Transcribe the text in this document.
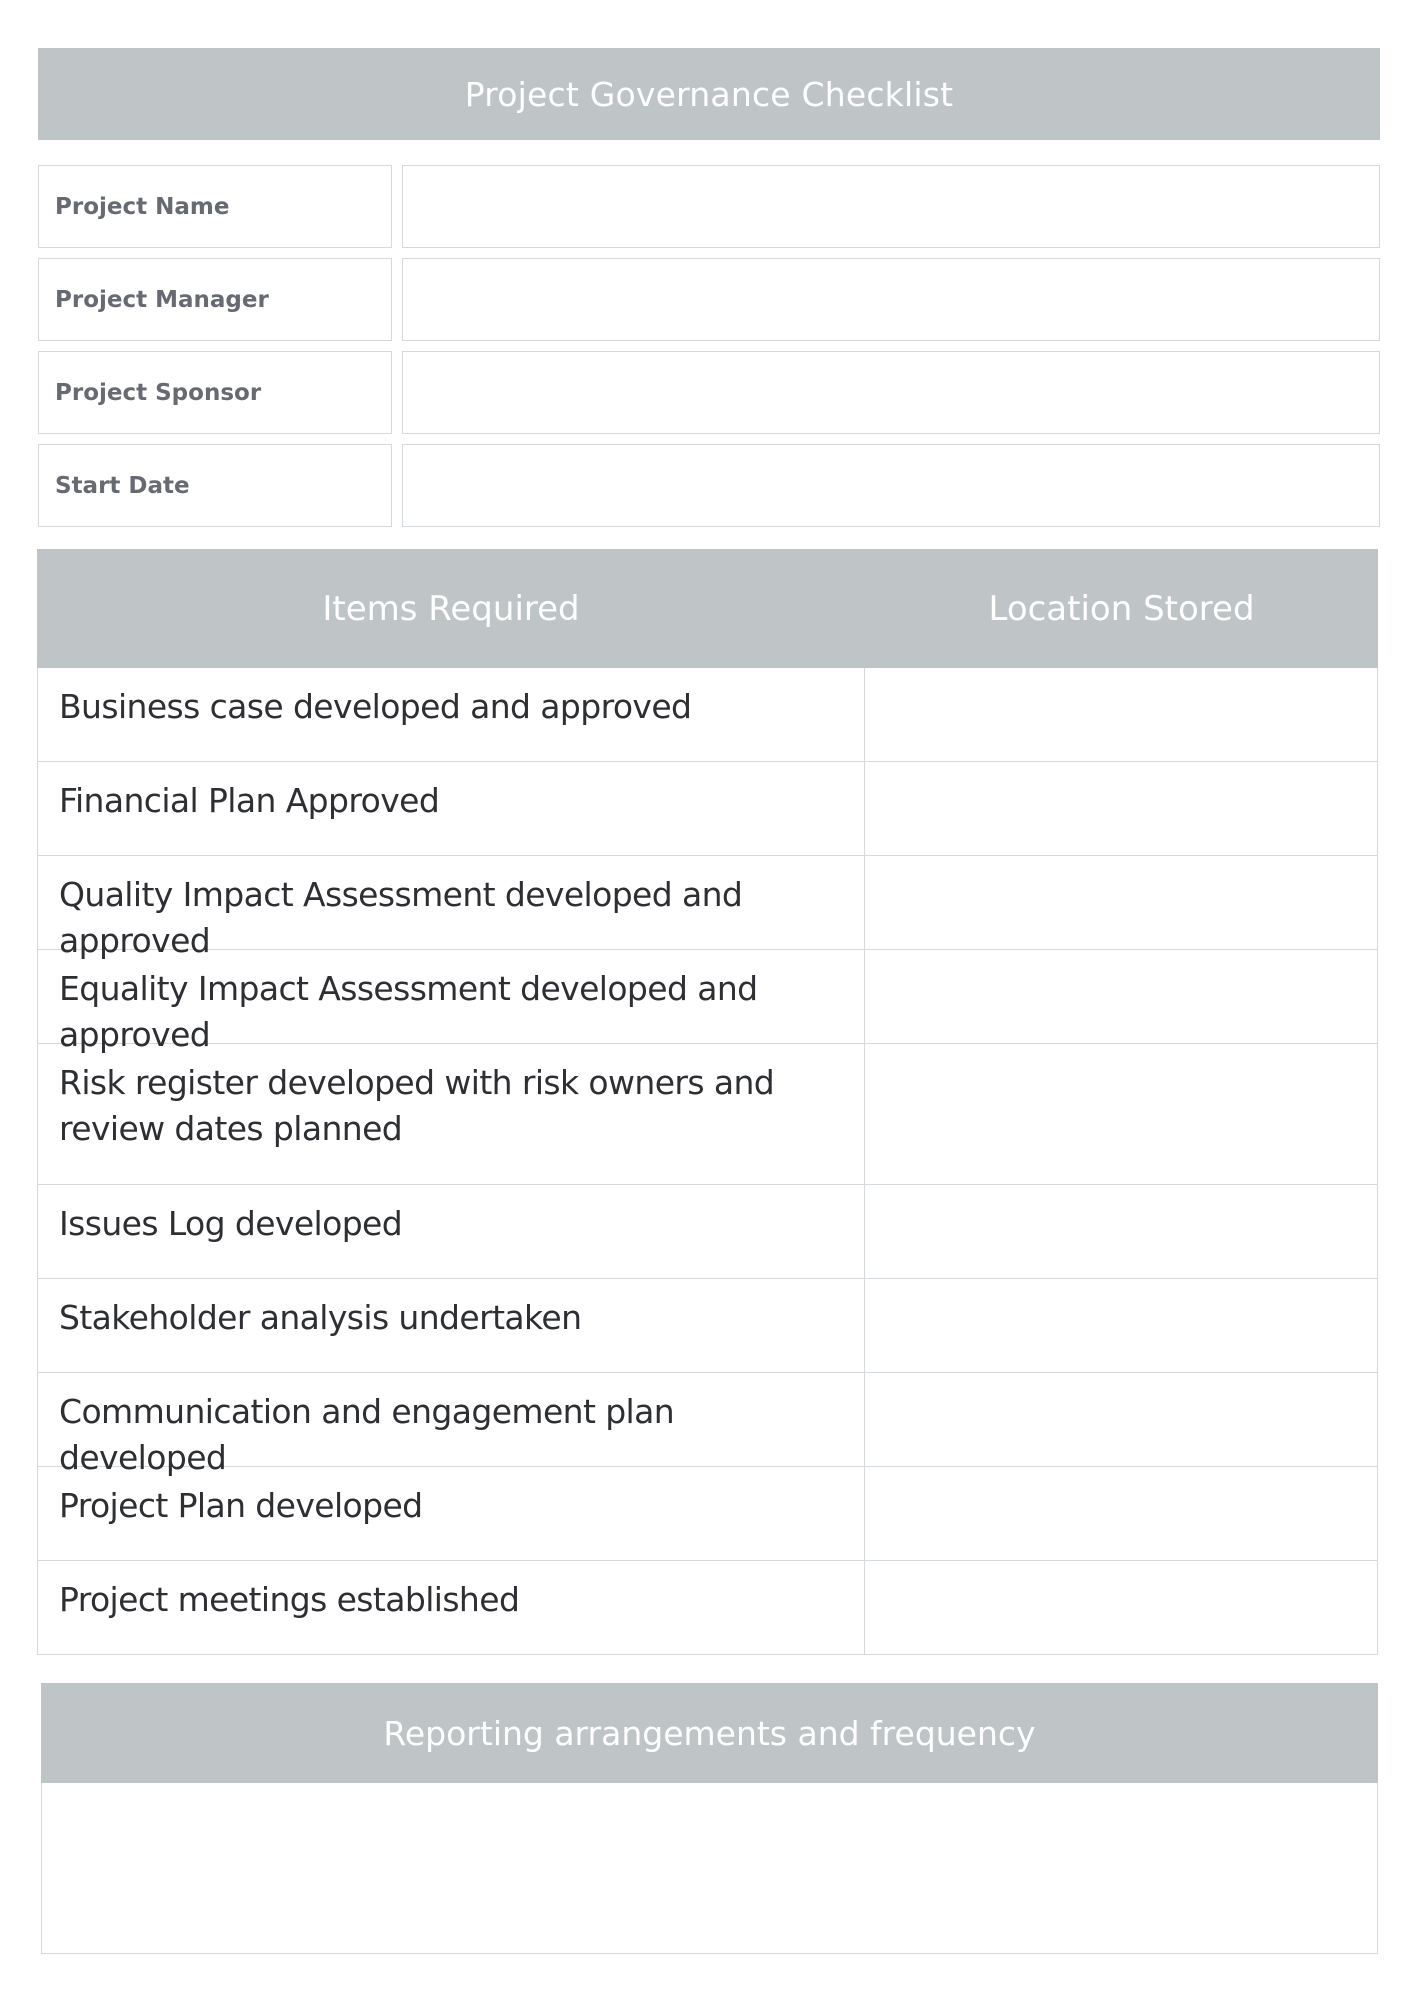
Project Governance Checklist
Project Name
Project Manager
Project Sponsor
Start Date
Items Required	Location Stored
Business case developed and approved
Financial Plan Approved
Quality Impact Assessment developed and approved
Equality Impact Assessment developed and approved
Risk register developed with risk owners and review dates planned
Issues Log developed
Stakeholder analysis undertaken
Communication and engagement plan developed
Project Plan developed
Project meetings established
Reporting arrangements and frequency
